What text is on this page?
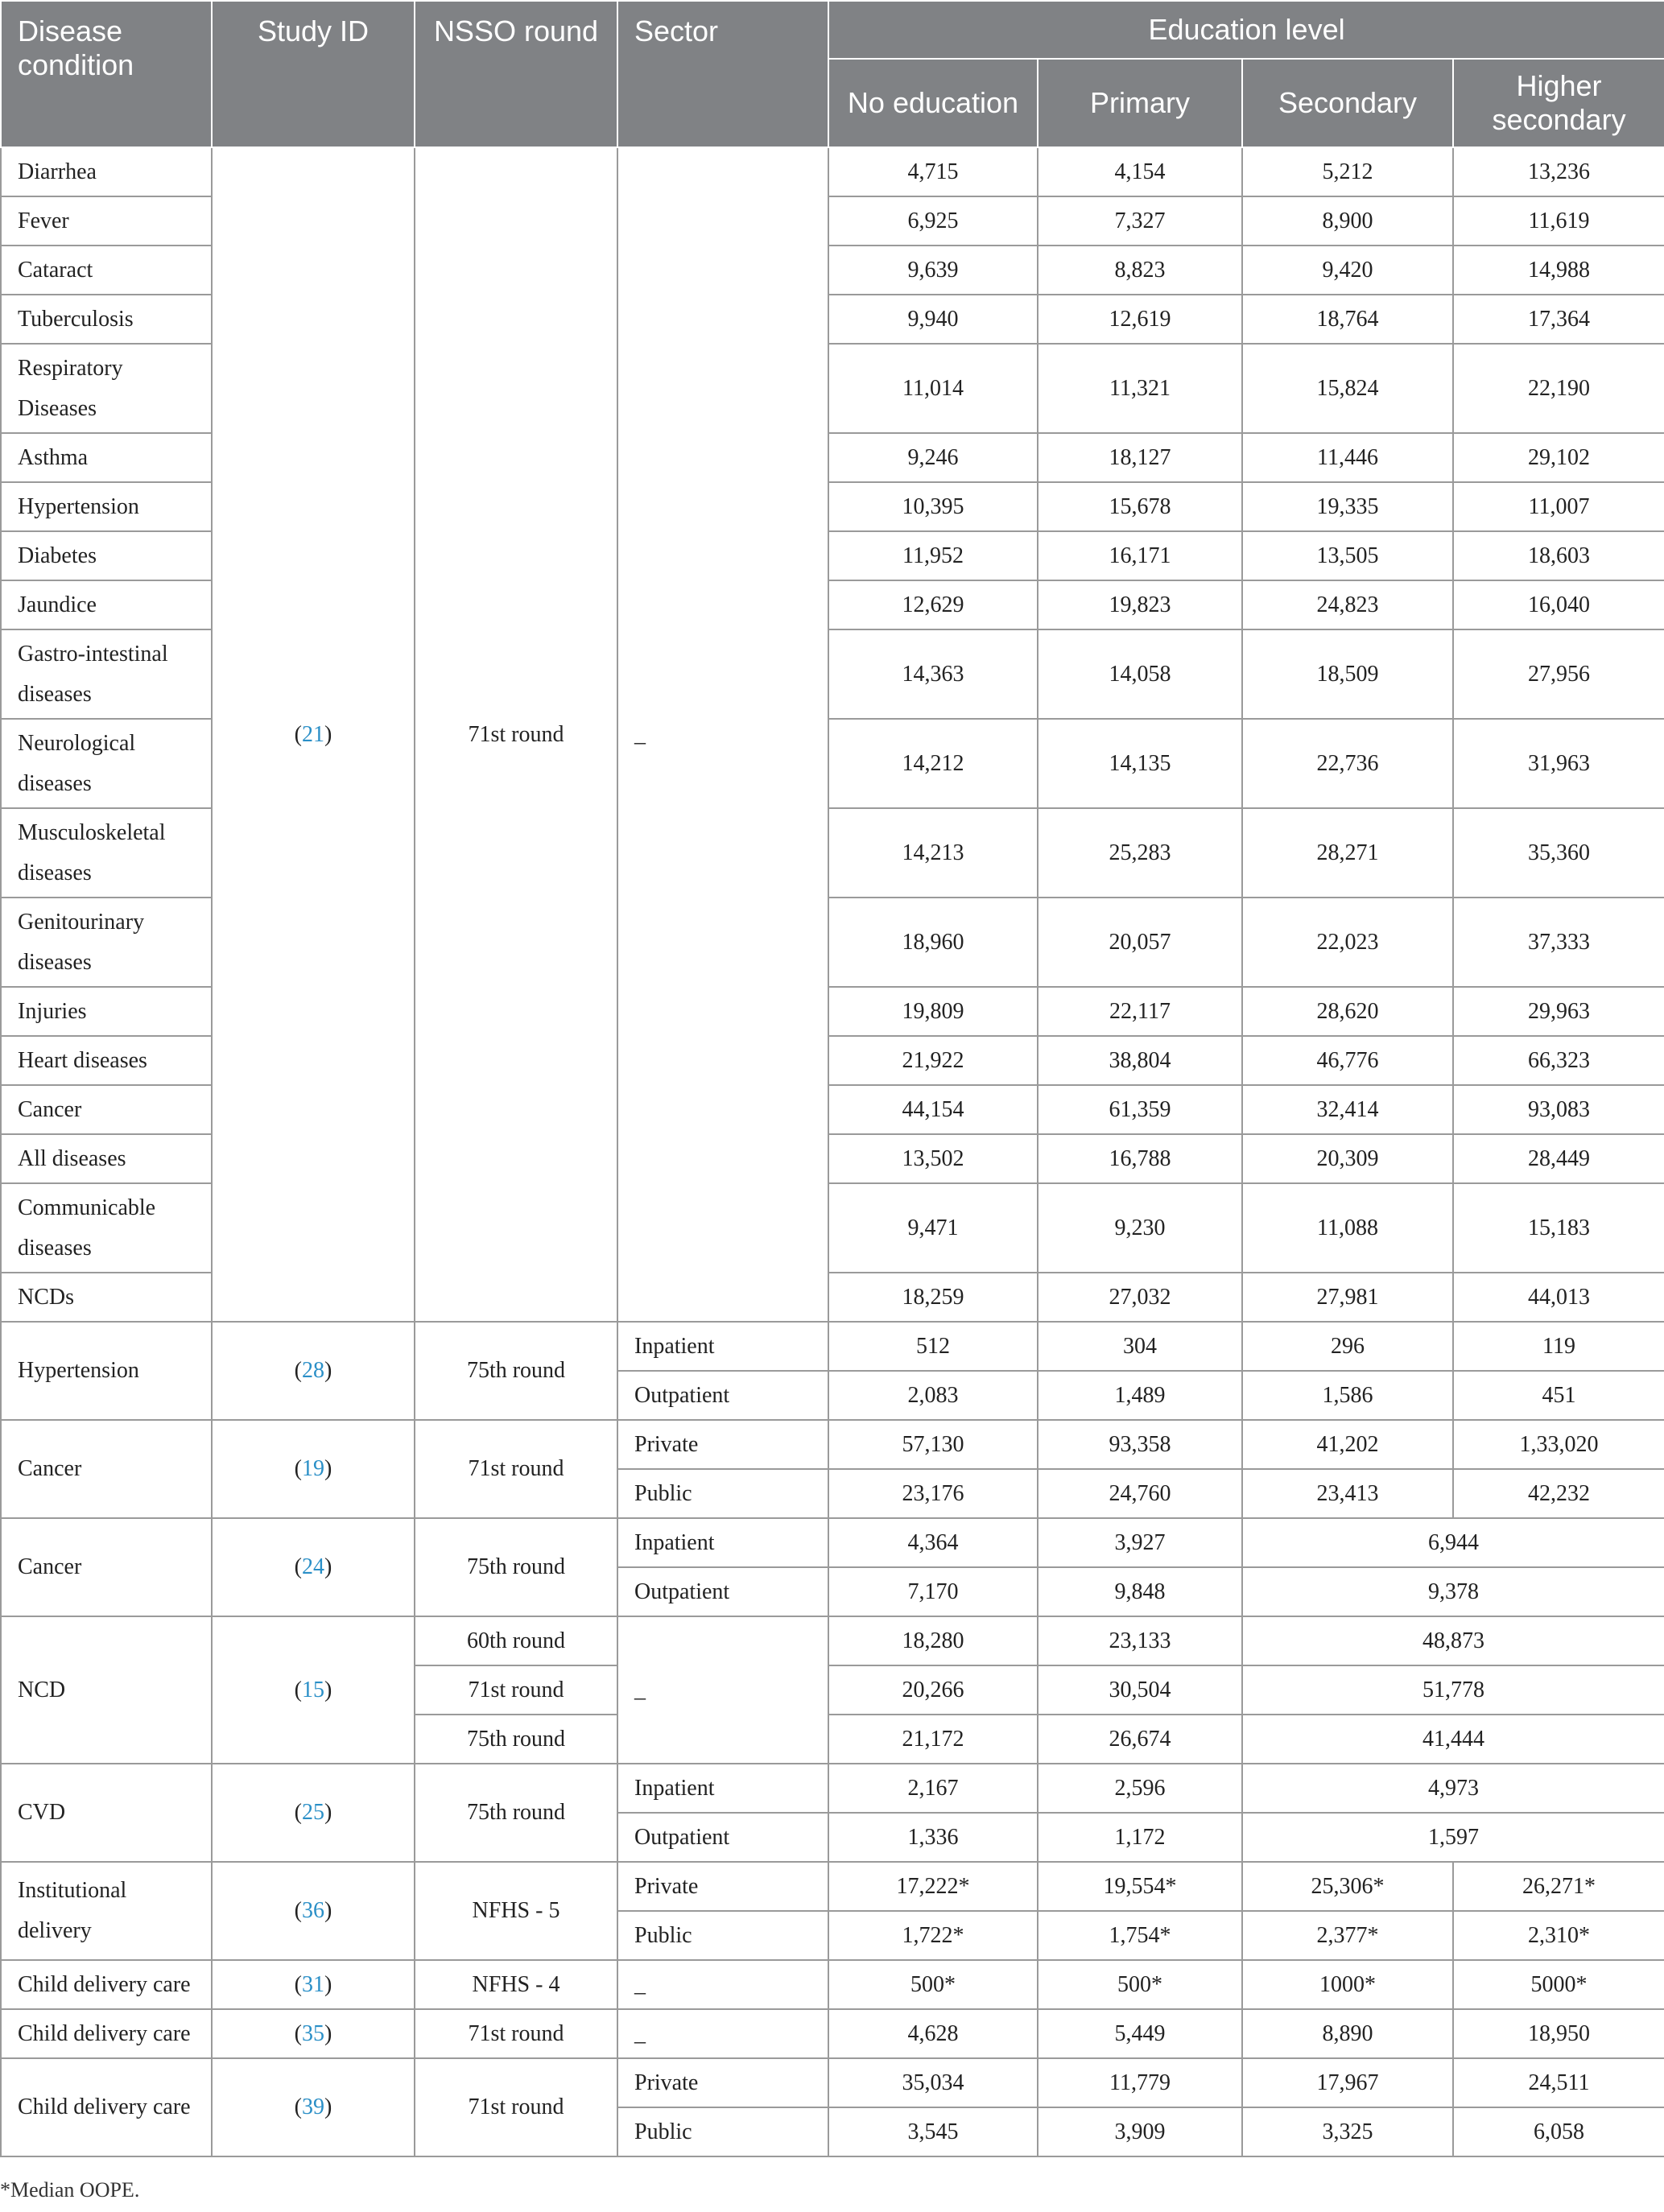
Disease condition	Study ID	NSSO round	Sector	Education level			
				No education	Primary	Secondary	Higher secondary
Diarrhea	(21)	71st round	_	4,715	4,154	5,212	13,236
Fever				6,925	7,327	8,900	11,619
Cataract				9,639	8,823	9,420	14,988
Tuberculosis				9,940	12,619	18,764	17,364
Respiratory Diseases				11,014	11,321	15,824	22,190
Asthma				9,246	18,127	11,446	29,102
Hypertension				10,395	15,678	19,335	11,007
Diabetes				11,952	16,171	13,505	18,603
Jaundice				12,629	19,823	24,823	16,040
Gastro-intestinal diseases				14,363	14,058	18,509	27,956
Neurological diseases				14,212	14,135	22,736	31,963
Musculoskeletal diseases				14,213	25,283	28,271	35,360
Genitourinary diseases				18,960	20,057	22,023	37,333
Injuries				19,809	22,117	28,620	29,963
Heart diseases				21,922	38,804	46,776	66,323
Cancer				44,154	61,359	32,414	93,083
All diseases				13,502	16,788	20,309	28,449
Communicable diseases				9,471	9,230	11,088	15,183
NCDs				18,259	27,032	27,981	44,013
Hypertension	(28)	75th round	Inpatient	512	304	296	119
			Outpatient	2,083	1,489	1,586	451
Cancer	(19)	71st round	Private	57,130	93,358	41,202	1,33,020
			Public	23,176	24,760	23,413	42,232
Cancer	(24)	75th round	Inpatient	4,364	3,927	6,944	
			Outpatient	7,170	9,848	9,378	
NCD	(15)	60th round	_	18,280	23,133	48,873	
		71st round		20,266	30,504	51,778	
		75th round		21,172	26,674	41,444	
CVD	(25)	75th round	Inpatient	2,167	2,596	4,973	
			Outpatient	1,336	1,172	1,597	
Institutional delivery	(36)	NFHS - 5	Private	17,222*	19,554*	25,306*	26,271*
			Public	1,722*	1,754*	2,377*	2,310*
Child delivery care	(31)	NFHS - 4	_	500*	500*	1000*	5000*
Child delivery care	(35)	71st round	_	4,628	5,449	8,890	18,950
Child delivery care	(39)	71st round	Private	35,034	11,779	17,967	24,511
			Public	3,545	3,909	3,325	6,058
*Median OOPE.
